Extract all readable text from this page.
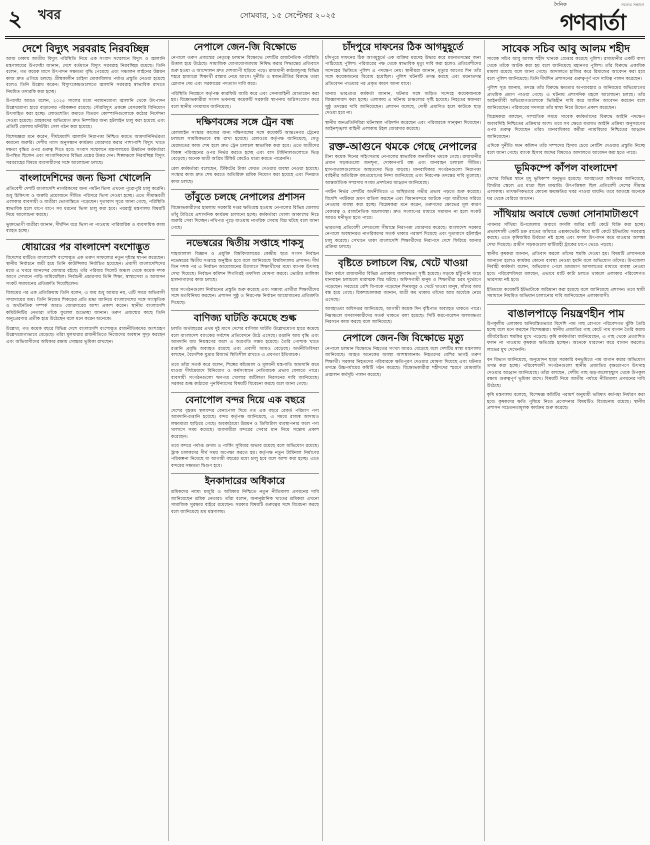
২ খবর	সোমবার, ১৫ সেপ্টেম্বর ২০২৫
দৈনিক
গণবার্তা
সত্যের সন্ধানে
দেশে বিদ্যুৎ সরবরাহ নিরবচ্ছিন্ন

আজ ঢাকায় জাতীয় বিদ্যুৎ পরিস্থিতি নিয়ে এক সংবাদ সম্মেলনে বিদ্যুৎ ও জ্বালানি মন্ত্রণালয়ের উপদেষ্টা জানান, দেশে বর্তমানে বিদ্যুৎ সরবরাহ নিরবচ্ছিন্ন রয়েছে। তিনি বলেন, গত কয়েক মাসে উৎপাদন সক্ষমতা বৃদ্ধি পেয়েছে এবং সঞ্চালন লাইনের উন্নয়ন কাজ দ্রুত এগিয়ে চলছে। গ্রীষ্মকালীন চাহিদা মোকাবিলায় পর্যাপ্ত প্রস্তুতি নেওয়া হয়েছে বলেও তিনি উল্লেখ করেন। বিদ্যুৎকেন্দ্রগুলোতে জ্বালানি সরবরাহ স্বাভাবিক রাখতে নিয়মিত তদারকি করা হচ্ছে।

উপদেষ্টা আরও বলেন, ২০২৫ সালের মধ্যে নবায়নযোগ্য জ্বালানি থেকে উৎপাদন উল্লেখযোগ্য হারে বাড়ানোর পরিকল্পনা রয়েছে। সৌরবিদ্যুৎ প্রকল্পে বেসরকারি বিনিয়োগ উৎসাহিত করা হচ্ছে। লোডশেডিং কমাতে বিতরণ কোম্পানিগুলোকে কঠোর নির্দেশনা দেওয়া হয়েছে। গ্রাহকদের অভিযোগ দ্রুত নিষ্পত্তির জন্য হটলাইন চালু করা হয়েছে এবং প্রতিটি জেলায় মনিটরিং সেল গঠন করা হয়েছে।

বিশেষজ্ঞরা মনে করেন, দীর্ঘমেয়াদি জ্বালানি নিরাপত্তা নিশ্চিত করতে আমদানিনির্ভরতা কমানো জরুরি। দেশীয় গ্যাস অনুসন্ধান কার্যক্রম জোরদার করার পাশাপাশি বিদ্যুৎ খাতে দক্ষতা বৃদ্ধির ওপর গুরুত্ব দিতে হবে। সংবাদ সম্মেলনে মন্ত্রণালয়ের ঊর্ধ্বতন কর্মকর্তারা উপস্থিত ছিলেন এবং সাংবাদিকদের বিভিন্ন প্রশ্নের উত্তর দেন। শিল্পাঞ্চলে নিরবচ্ছিন্ন বিদ্যুৎ সরবরাহের বিষয়ে ব্যবসায়ীদের সঙ্গে আলোচনা চলছে।

বাংলাদেশিদের জন্য ভিসা খোলেনি

প্রতিবেশী দেশটি বাংলাদেশি নাগরিকদের জন্য পর্যটন ভিসা এখনো পুরোপুরি চালু করেনি। শুধু চিকিৎসা ও জরুরি প্রয়োজনে সীমিত পরিসরে ভিসা দেওয়া হচ্ছে। এতে সীমান্তবর্তী এলাকার ব্যবসায়ী ও যাত্রীরা ভোগান্তিতে পড়েছেন। দূতাবাস সূত্রে জানা গেছে, পরিস্থিতি স্বাভাবিক হলে ধাপে ধাপে সব ধরনের ভিসা চালু করা হবে। পররাষ্ট্র মন্ত্রণালয় বিষয়টি নিয়ে আলোচনা করছে।

ভুক্তভোগী যাত্রীরা জানান, দীর্ঘদিন ধরে ভিসা না পাওয়ায় পারিবারিক ও ব্যবসায়িক কাজ ব্যাহত হচ্ছে।

ধোয়ারের পর বাংলাদেশ বংশোদ্ভূত

বিদেশের মাটিতে বাংলাদেশি বংশোদ্ভূত এক তরুণ সাফল্যের নতুন দৃষ্টান্ত স্থাপন করেছেন। স্থানীয় নির্বাচনে জয়ী হয়ে তিনি কাউন্সিলর নির্বাচিত হয়েছেন। প্রবাসী বাংলাদেশিদের মধ্যে এ খবরে আনন্দের জোয়ার বইছে। তাঁর পরিবার সিলেট অঞ্চল থেকে কয়েক দশক আগে সেখানে পাড়ি জমিয়েছিল। নির্বাচনী প্রচারণায় তিনি শিক্ষা, স্বাস্থ্যসেবা ও আবাসন সংকট সমাধানের প্রতিশ্রুতি দিয়েছিলেন।

বিজয়ের পর এক প্রতিক্রিয়ায় তিনি বলেন, এ জয় শুধু আমার নয়, এটি সমগ্র অভিবাসী সম্প্রদায়ের জয়। তিনি নিজের শিকড়ের প্রতি শ্রদ্ধা জানিয়ে বাংলাদেশের সঙ্গে সাংস্কৃতিক ও অর্থনৈতিক সম্পর্ক আরও জোরদারের আশা প্রকাশ করেন। স্থানীয় বাংলাদেশি কমিউনিটির নেতারা তাঁকে ফুলেল শুভেচ্ছা জানান। তরুণ প্রজন্মের কাছে তিনি অনুপ্রেরণার প্রতীক হয়ে উঠেছেন বলে মনে করেন অনেকে।

উল্লেখ্য, গত কয়েক বছরে বিভিন্ন দেশে বাংলাদেশি বংশোদ্ভূত রাজনীতিকদের অংশগ্রহণ উল্লেখযোগ্যভাবে বেড়েছে। তাঁরা মূলধারার রাজনীতিতে নিজেদের অবস্থান সুদৃঢ় করছেন এবং অভিবাসীদের অধিকার রক্ষায় সোচ্চার ভূমিকা রাখছেন।

নেপালে জেন-জি বিক্ষোভে

নেপালে তরুণ প্রজন্মের নেতৃত্বে চলমান বিক্ষোভে দেশটির রাজনৈতিক পরিস্থিতি উত্তাল হয়ে উঠেছে। সামাজিক যোগাযোগমাধ্যম নিষিদ্ধ করার সিদ্ধান্তের প্রতিবাদে শুরু হওয়া এ আন্দোলন দ্রুত দেশব্যাপী ছড়িয়ে পড়ে। রাজধানী কাঠমান্ডুসহ বিভিন্ন শহরে হাজারো শিক্ষার্থী রাস্তায় নেমে আসে। দুর্নীতি ও স্বজনপ্রীতির বিরুদ্ধে তারা স্লোগান দেয় এবং সরকারের পদত্যাগ দাবি করে।

পরিস্থিতি নিয়ন্ত্রণে কর্তৃপক্ষ কারফিউ জারি করে এবং সেনাবাহিনী মোতায়েন করা হয়। বিক্ষোভকারীরা সংসদ ভবনসহ কয়েকটি সরকারি স্থাপনায় অগ্নিসংযোগ করে বলে স্থানীয় গণমাধ্যম জানিয়েছে।

দক্ষিণবঙ্গের সঙ্গে ট্রেন বন্ধ

রেললাইন সংস্কার কাজের জন্য দক্ষিণবঙ্গের সঙ্গে কয়েকটি আন্তঃনগর ট্রেনের চলাচল সাময়িকভাবে বন্ধ রাখা হয়েছে। রেলওয়ে কর্তৃপক্ষ জানিয়েছে, সেতু মেরামতের কাজ শেষ হলে দ্রুত ট্রেন চলাচল স্বাভাবিক করা হবে। এতে যাত্রীদের বিকল্প পরিবহনের ওপর নির্ভর করতে হচ্ছে এবং বাস টার্মিনালগুলোতে ভিড় বেড়েছে। অনেক যাত্রী অগ্রিম টিকিট কেটেও যাত্রা করতে পারেননি।

রেল কর্মকর্তারা বলেছেন, টিকিটের টাকা ফেরত দেওয়ার ব্যবস্থা নেওয়া হয়েছে। সংস্কার কাজ দ্রুত শেষ করতে অতিরিক্ত শ্রমিক নিয়োগ করা হয়েছে এবং দিনরাত কাজ চলছে।

তাঁবুতে চলছে নেপালের প্রশাসন

বিক্ষোভকারীদের হামলায় সরকারি দপ্তর ক্ষতিগ্রস্ত হওয়ায় নেপালের বিভিন্ন জেলায় তাঁবু টাঙিয়ে প্রশাসনিক কার্যক্রম চালানো হচ্ছে। কর্মকর্তারা খোলা আকাশের নিচে জরুরি সেবা দিচ্ছেন। নথিপত্র পুড়ে যাওয়ায় নাগরিক সেবায় বিঘ্ন ঘটছে বলে জানা গেছে।

নভেম্বরের দ্বিতীয় সপ্তাহে শাকসু

শাহজালাল বিজ্ঞান ও প্রযুক্তি বিশ্ববিদ্যালয়ের কেন্দ্রীয় ছাত্র সংসদ নির্বাচন নভেম্বরের দ্বিতীয় সপ্তাহে অনুষ্ঠিত হবে বলে জানিয়েছে বিশ্ববিদ্যালয় প্রশাসন। দীর্ঘ তিন দশক পর এ নির্বাচন আয়োজনের উদ্যোগে শিক্ষার্থীদের মধ্যে ব্যাপক উৎসাহ দেখা দিয়েছে। নির্বাচন কমিশন শিগগিরই তফসিল ঘোষণা করবে। ভোটার তালিকা হালনাগাদের কাজ চলছে।

ছাত্র সংগঠনগুলো নির্বাচনের প্রস্তুতি শুরু করেছে এবং সম্ভাব্য প্রার্থীরা শিক্ষার্থীদের সঙ্গে মতবিনিময় করছেন। প্রশাসন সুষ্ঠু ও নিরপেক্ষ নির্বাচন আয়োজনের প্রতিশ্রুতি দিয়েছে।

বাণিজ্য ঘাটতি কমেছে শুল্ক

চলতি অর্থবছরের প্রথম দুই মাসে দেশের বাণিজ্য ঘাটতি উল্লেখযোগ্য হারে কমেছে বলে বাংলাদেশ ব্যাংকের সর্বশেষ প্রতিবেদনে উঠে এসেছে। রপ্তানি আয় বৃদ্ধি এবং আমদানি ব্যয় নিয়ন্ত্রণের ফলে এ অগ্রগতি সম্ভব হয়েছে। তৈরি পোশাক খাতে রপ্তানি প্রবৃদ্ধি অব্যাহত রয়েছে এবং প্রবাসী আয়ও বেড়েছে। অর্থনীতিবিদরা বলছেন, বৈদেশিক মুদ্রার রিজার্ভ স্থিতিশীল রাখতে এ প্রবণতা ইতিবাচক।

তবে তাঁরা সতর্ক করে বলেন, শিল্পের কাঁচামাল ও মূলধনী যন্ত্রপাতি আমদানি কমে যাওয়া দীর্ঘমেয়াদে বিনিয়োগ ও কর্মসংস্থানে নেতিবাচক প্রভাব ফেলতে পারে। ব্যবসায়ী সংগঠনগুলো ঋণপত্র খোলার জটিলতা নিরসনের দাবি জানিয়েছে। সরকার শুল্ক কাঠামো পুনর্বিন্যাসের বিষয়টি বিবেচনা করছে বলে জানা গেছে।

বেনাপোল বন্দর দিয়ে এক বছরে

দেশের বৃহত্তম স্থলবন্দর বেনাপোল দিয়ে গত এক বছরে রেকর্ড পরিমাণ পণ্য আমদানি-রপ্তানি হয়েছে। বন্দর কর্তৃপক্ষ জানিয়েছে, এ সময়ে রাজস্ব আদায়ও লক্ষ্যমাত্রা ছাড়িয়ে গেছে। অবকাঠামো উন্নয়ন ও ডিজিটাল ব্যবস্থাপনার ফলে পণ্য খালাসে সময় কমেছে। ব্যবসায়ীরা বন্দরের সেবার মান নিয়ে সন্তোষ প্রকাশ করেছেন।

তবে বন্দরে পর্যাপ্ত গুদাম ও পার্কিং সুবিধার অভাব রয়েছে বলে অভিযোগ রয়েছে। ট্রাক চালকদের দীর্ঘ সময় অপেক্ষা করতে হয়। কর্তৃপক্ষ নতুন টার্মিনাল নির্মাণের পরিকল্পনা নিয়েছে যা আগামী বছরের মধ্যে চালু হবে বলে আশা করা হচ্ছে। এতে বন্দরের সক্ষমতা দ্বিগুণ হবে।

ইনকাদারের অধিকারে

শ্রমিকদের ন্যায্য মজুরি ও অধিকার নিশ্চিতে নতুন নীতিমালা প্রণয়নের দাবি জানিয়েছেন শ্রমিক নেতারা। তাঁরা বলেন, অনানুষ্ঠানিক খাতের শ্রমিকরা এখনো সামাজিক সুরক্ষার বাইরে রয়েছেন। সরকার বিষয়টি গুরুত্বের সঙ্গে বিবেচনা করছে বলে জানিয়েছে শ্রম মন্ত্রণালয়।

চাঁদপুরে দাফনের ঠিক আগমুহূর্তে

চাঁদপুরে দাফনের ঠিক আগমুহূর্তে এক ব্যক্তির মরদেহ উদ্ধার করে ময়নাতদন্তের জন্য পাঠিয়েছে পুলিশ। পরিবারের পক্ষ থেকে স্বাভাবিক মৃত্যু দাবি করা হলেও প্রতিবেশীদের সন্দেহের ভিত্তিতে পুলিশ এ পদক্ষেপ নেয়। স্থানীয়রা জানান, মৃত্যুর আগের দিন তাঁর সঙ্গে কয়েকজনের বিরোধ হয়েছিল। পুলিশ ঘটনাটি তদন্ত করছে এবং ময়নাতদন্ত প্রতিবেদন পাওয়ার পর প্রকৃত কারণ জানা যাবে।

থানার ভারপ্রাপ্ত কর্মকর্তা জানান, ঘটনার সঙ্গে জড়িত সন্দেহে কয়েকজনকে জিজ্ঞাসাবাদ করা হচ্ছে। এলাকায় এ ঘটনায় চাঞ্চল্যের সৃষ্টি হয়েছে। নিহতের স্বজনরা সুষ্ঠু তদন্তের দাবি জানিয়েছেন। প্রশাসন বলেছে, দোষী প্রমাণিত হলে কাউকে ছাড় দেওয়া হবে না।

স্থানীয় জনপ্রতিনিধিরা ঘটনাস্থল পরিদর্শন করেছেন এবং পরিবারকে সান্ত্বনা দিয়েছেন। আইনশৃঙ্খলা বাহিনী এলাকায় টহল জোরদার করেছে।

রক্ত-আগুনে থমকে গেছে নেপালের

টানা কয়েক দিনের সহিংসতায় নেপালের স্বাভাবিক জনজীবন থমকে গেছে। রাজধানীর প্রধান সড়কগুলো জনশূন্য, দোকানপাট বন্ধ এবং যানবাহন চলাচল সীমিত। হাসপাতালগুলোতে আহতদের ভিড় বাড়ছে। মানবাধিকার সংগঠনগুলো নিরাপত্তা বাহিনীর অতিরিক্ত বলপ্রয়োগের নিন্দা জানিয়েছে এবং নিরপেক্ষ তদন্তের দাবি তুলেছে। আন্তর্জাতিক সম্প্রদায় সংযম প্রদর্শনের আহ্বান জানিয়েছে।

পর্যটন নির্ভর দেশটির অর্থনীতিতে এ অস্থিরতার গভীর প্রভাব পড়তে শুরু করেছে। বিদেশি পর্যটকরা ভ্রমণ বাতিল করছেন এবং বিমানবন্দরে আটকে পড়া যাত্রীদের সরিয়ে নেওয়ার ব্যবস্থা করা হচ্ছে। বিশ্লেষকরা মনে করেন, তরুণদের ক্ষোভের মূল কারণ বেকারত্ব ও রাজনৈতিক অচলাবস্থা। দ্রুত সংলাপের মাধ্যমে সমাধান না হলে সংকট আরও ঘনীভূত হতে পারে।

ভারতসহ প্রতিবেশী দেশগুলো সীমান্তে নিরাপত্তা জোরদার করেছে। বাংলাদেশ সরকার নেপালে অবস্থানরত নাগরিকদের সতর্ক থাকার পরামর্শ দিয়েছে এবং দূতাবাসে হটলাইন চালু করেছে। সেখানে থাকা বাংলাদেশি শিক্ষার্থীদের নিরাপদে দেশে ফিরিয়ে আনার প্রক্রিয়া চলছে।

বৃষ্টিতে চলাচলে বিঘ্ন, খেটে খাওয়া

টানা বর্ষণে রাজধানীর বিভিন্ন এলাকায় জলাবদ্ধতা সৃষ্টি হয়েছে। সড়কে হাঁটুপানি জমে যানবাহন চলাচলে মারাত্মক বিঘ্ন ঘটছে। অফিসগামী মানুষ ও শিক্ষার্থীরা চরম দুর্ভোগে পড়েছেন। সবচেয়ে বেশি বিপাকে পড়েছেন দিনমজুর ও খেটে খাওয়া মানুষ, যাঁদের আয় বন্ধ হয়ে গেছে। রিকশাচালকরা জানান, যাত্রী কম থাকায় তাঁদের আয় অর্ধেকে নেমে এসেছে।

আবহাওয়া অধিদপ্তর জানিয়েছে, আগামী কয়েক দিন বৃষ্টিপাত অব্যাহত থাকতে পারে। নিম্নাঞ্চলে বসবাসকারীদের সতর্ক থাকতে বলা হয়েছে। সিটি করপোরেশন জলাবদ্ধতা নিরসনে কাজ করছে বলে জানিয়েছে।

নেপালে জেন-জি বিক্ষোভে মৃত্যু

নেপালে চলমান বিক্ষোভে নিহতের সংখ্যা আরও বেড়েছে বলে দেশটির স্বাস্থ্য মন্ত্রণালয় জানিয়েছে। আহত অনেকের অবস্থা আশঙ্কাজনক। নিহতদের বেশির ভাগই তরুণ শিক্ষার্থী। সরকার নিহতদের পরিবারকে ক্ষতিপূরণ দেওয়ার ঘোষণা দিয়েছে এবং ঘটনার তদন্তে উচ্চপর্যায়ের কমিটি গঠন করেছে। বিক্ষোভকারীরা শহীদদের স্মরণে মোমবাতি প্রজ্বালন কর্মসূচি পালন করেছে।

সাবেক সচিব আবু আলম শহীদ

সাবেক সচিব আবু আলম শহীদ খানকে গ্রেপ্তার করেছে পুলিশ। রাজধানীর একটি বাসা থেকে তাঁকে আটক করা হয় বলে জানিয়েছে মহানগর পুলিশ। তাঁর বিরুদ্ধে একাধিক মামলা রয়েছে বলে জানা গেছে। আদালতে হাজির করে রিমান্ডের আবেদন করা হবে বলে পুলিশ জানিয়েছে। তিনি দীর্ঘদিন প্রশাসনের গুরুত্বপূর্ণ পদে দায়িত্ব পালন করেছেন।

পুলিশ সূত্র জানায়, তদন্তে তাঁর বিরুদ্ধে ক্ষমতার অপব্যবহার ও অনিয়মের অভিযোগের প্রাথমিক প্রমাণ পাওয়া গেছে। এ ঘটনায় প্রশাসনিক মহলে আলোচনা চলছে। তাঁর আইনজীবী অভিযোগগুলোকে ভিত্তিহীন দাবি করে জামিন আবেদন করবেন বলে জানিয়েছেন। পরিবারের সদস্যরা তাঁর স্বাস্থ্য নিয়ে উদ্বেগ প্রকাশ করেছেন।

বিশ্লেষকরা বলছেন, সাম্প্রতিক সময়ে সাবেক কর্মকর্তাদের বিরুদ্ধে আইনি পদক্ষেপ জবাবদিহি নিশ্চিতের প্রক্রিয়ার অংশ। তবে সব ক্ষেত্রে যথাযথ আইনি প্রক্রিয়া অনুসরণের ওপর গুরুত্ব দিয়েছেন তাঁরা। মানবাধিকার কর্মীরা ন্যায়বিচার নিশ্চিতের আহ্বান জানিয়েছেন।

এদিকে দুর্নীতি দমন কমিশন তাঁর সম্পদের হিসাব চেয়ে নোটিশ দেওয়ার প্রস্তুতি নিচ্ছে বলে জানা গেছে। ব্যাংক হিসাব জব্দের বিষয়েও আদালতে আবেদন করা হতে পারে।

ভূমিকম্পে কাঁপল বাংলাদেশ

দেশের বিভিন্ন স্থানে মৃদু ভূমিকম্প অনুভূত হয়েছে। আবহাওয়া অধিদপ্তর জানিয়েছে, রিখটার স্কেলে এর মাত্রা ছিল মাঝারি। উৎপত্তিস্থল ছিল প্রতিবেশী দেশের সীমান্ত এলাকায়। তাৎক্ষণিকভাবে কোনো ক্ষয়ক্ষতির খবর পাওয়া যায়নি। তবে আতঙ্কে অনেকে ঘর থেকে বেরিয়ে আসেন।

সাঁথিয়ায় অবাধে ভেজা সোনামাটাগুণে

পাবনার সাঁথিয়া উপজেলায় অবাধে ফসলি জমির মাটি কেটে বিক্রি করা হচ্ছে। প্রভাবশালী একটি চক্র রাতের আঁধারে এক্সকাভেটর দিয়ে মাটি কেটে ইটভাটায় সরবরাহ করছে। এতে কৃষিজমির উর্বরতা নষ্ট হচ্ছে এবং ফসল উৎপাদন কমে যাওয়ার আশঙ্কা দেখা দিয়েছে। গ্রামীণ সড়কগুলো মাটিবাহী ট্রাকের চাপে ভেঙে পড়ছে।

স্থানীয় কৃষকরা জানান, প্রতিবাদ করলে তাঁদের হুমকি দেওয়া হয়। বিষয়টি প্রশাসনকে জানানো হলেও কার্যকর কোনো ব্যবস্থা নেওয়া হয়নি বলে অভিযোগ তাঁদের। উপজেলা নির্বাহী কর্মকর্তা বলেন, অভিযোগ পেলে ভ্রাম্যমাণ আদালতের মাধ্যমে ব্যবস্থা নেওয়া হবে। পরিবেশবিদরা বলছেন, এভাবে মাটি কাটা চলতে থাকলে এলাকার পরিবেশগত ভারসাম্য নষ্ট হবে।

ইতিমধ্যে কয়েকটি ইটভাটাকে জরিমানা করা হয়েছে বলে জানিয়েছে প্রশাসন। তবে স্থায়ী সমাধানে নিয়মিত অভিযান চালানোর দাবি জানিয়েছেন এলাকাবাসী।

বাঙালপাড়ে নিয়ন্ত্রণহীন পাম

উপকূলীয় এলাকায় অনিয়ন্ত্রিতভাবে বিদেশি পাম গাছ রোপণে পরিবেশগত ঝুঁকি তৈরি হচ্ছে বলে মনে করছেন বিশেষজ্ঞরা। স্থানীয় প্রজাতির গাছ কেটে পাম বাগান তৈরি করায় জীববৈচিত্র্য হুমকির মুখে পড়েছে। কৃষি কর্মকর্তারা জানিয়েছেন, এ গাছ থেকে প্রত্যাশিত ফলন না পাওয়ায় কৃষকরা ক্ষতিগ্রস্ত হচ্ছেন। অনেকে ধারদেনা করে বাগান করলেও লাভের মুখ দেখেননি।

বন বিভাগ জানিয়েছে, অনুমোদন ছাড়া সরকারি বনভূমিতে পাম বাগান করার অভিযোগ তদন্ত করা হচ্ছে। পরিবেশবাদী সংগঠনগুলো স্থানীয় প্রজাতির বৃক্ষরোপণে উৎসাহ দেওয়ার আহ্বান জানিয়েছে। তাঁরা বলছেন, দেশীয় গাছ ঝড়-জলোচ্ছ্বাস থেকে উপকূল রক্ষায় গুরুত্বপূর্ণ ভূমিকা রাখে। বিষয়টি নিয়ে জাতীয় পর্যায়ে নীতিমালা প্রণয়নের দাবি উঠেছে।

কৃষি মন্ত্রণালয় বলেছে, বিশেষজ্ঞ কমিটির পরামর্শ অনুযায়ী ভবিষ্যৎ কর্মপন্থা নির্ধারণ করা হবে। কৃষকদের ক্ষতি পুষিয়ে নিতে প্রণোদনার বিষয়টিও বিবেচনায় রয়েছে। স্থানীয় প্রশাসন সচেতনতামূলক কার্যক্রম শুরু করেছে।
